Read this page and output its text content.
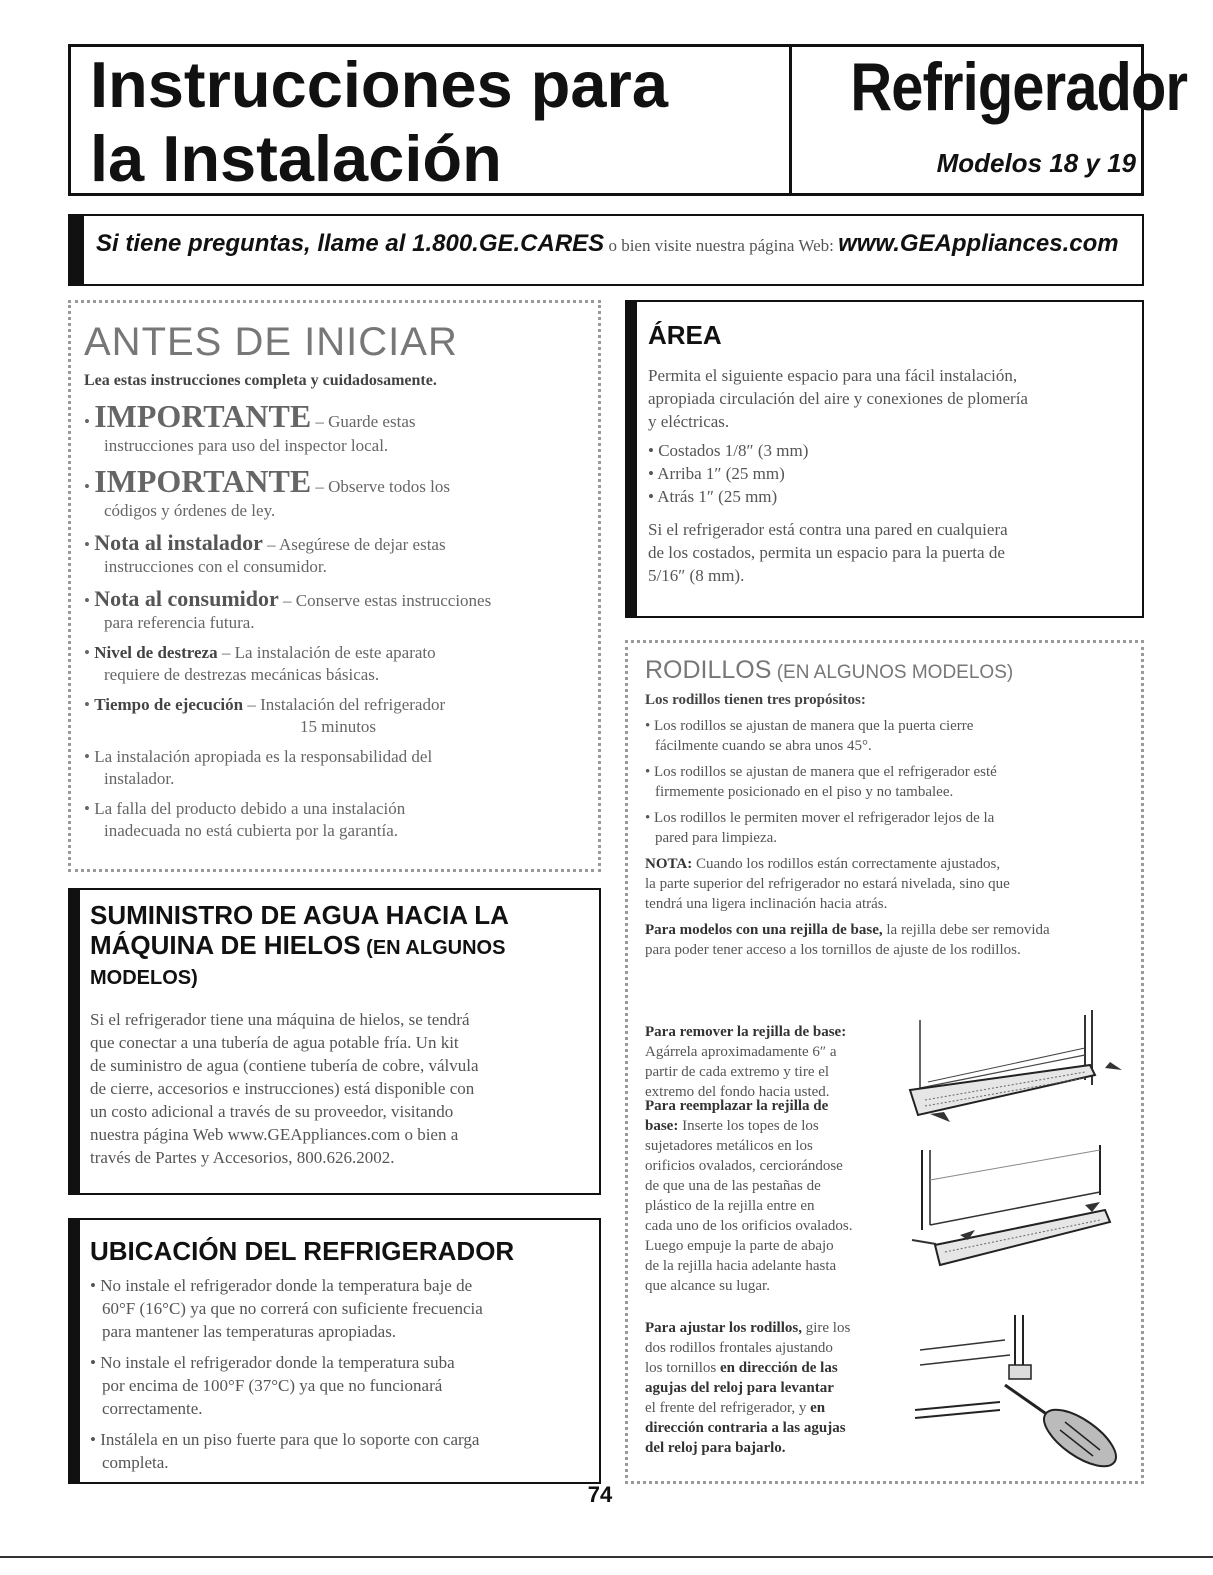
Instrucciones para
la Instalación
Refrigerador
Modelos 18 y 19
Si tiene preguntas, llame al 1.800.GE.CARES o bien visite nuestra página Web: www.GEAppliances.com
ANTES DE INICIAR
Lea estas instrucciones completa y cuidadosamente.
• IMPORTANTE – Guarde estas
instrucciones para uso del inspector local.
• IMPORTANTE – Observe todos los
códigos y órdenes de ley.
• Nota al instalador – Asegúrese de dejar estas
instrucciones con el consumidor.
• Nota al consumidor – Conserve estas instrucciones
para referencia futura.
• Nivel de destreza – La instalación de este aparato
requiere de destrezas mecánicas básicas.
• Tiempo de ejecución – Instalación del refrigerador
15 minutos
• La instalación apropiada es la responsabilidad del
instalador.
• La falla del producto debido a una instalación
inadecuada no está cubierta por la garantía.
SUMINISTRO DE AGUA HACIA LA
MÁQUINA DE HIELOS (EN ALGUNOS
MODELOS)
Si el refrigerador tiene una máquina de hielos, se tendrá
que conectar a una tubería de agua potable fría. Un kit
de suministro de agua (contiene tubería de cobre, válvula
de cierre, accesorios e instrucciones) está disponible con
un costo adicional a través de su proveedor, visitando
nuestra página Web www.GEAppliances.com o bien a
través de Partes y Accesorios, 800.626.2002.
UBICACIÓN DEL REFRIGERADOR
• No instale el refrigerador donde la temperatura baje de
60°F (16°C) ya que no correrá con suficiente frecuencia
para mantener las temperaturas apropiadas.
• No instale el refrigerador donde la temperatura suba
por encima de 100°F (37°C) ya que no funcionará
correctamente.
• Instálela en un piso fuerte para que lo soporte con carga
completa.
ÁREA
Permita el siguiente espacio para una fácil instalación,
apropiada circulación del aire y conexiones de plomería
y eléctricas.
• Costados 1/8″ (3 mm)
• Arriba 1″ (25 mm)
• Atrás 1″ (25 mm)
Si el refrigerador está contra una pared en cualquiera
de los costados, permita un espacio para la puerta de
5/16″ (8 mm).
RODILLOS (EN ALGUNOS MODELOS)
Los rodillos tienen tres propósitos:
• Los rodillos se ajustan de manera que la puerta cierre
fácilmente cuando se abra unos 45°.
• Los rodillos se ajustan de manera que el refrigerador esté
firmemente posicionado en el piso y no tambalee.
• Los rodillos le permiten mover el refrigerador lejos de la
pared para limpieza.
NOTA: Cuando los rodillos están correctamente ajustados,
la parte superior del refrigerador no estará nivelada, sino que
tendrá una ligera inclinación hacia atrás.
Para modelos con una rejilla de base, la rejilla debe ser removida
para poder tener acceso a los tornillos de ajuste de los rodillos.
Para remover la rejilla de base:
Agárrela aproximadamente 6″ a
partir de cada extremo y tire el
extremo del fondo hacia usted.
Para reemplazar la rejilla de
base: Inserte los topes de los
sujetadores metálicos en los
orificios ovalados, cerciorándose
de que una de las pestañas de
plástico de la rejilla entre en
cada uno de los orificios ovalados.
Luego empuje la parte de abajo
de la rejilla hacia adelante hasta
que alcance su lugar.
Para ajustar los rodillos, gire los
dos rodillos frontales ajustando
los tornillos en dirección de las
agujas del reloj para levantar
el frente del refrigerador, y en
dirección contraria a las agujas
del reloj para bajarlo.
74
